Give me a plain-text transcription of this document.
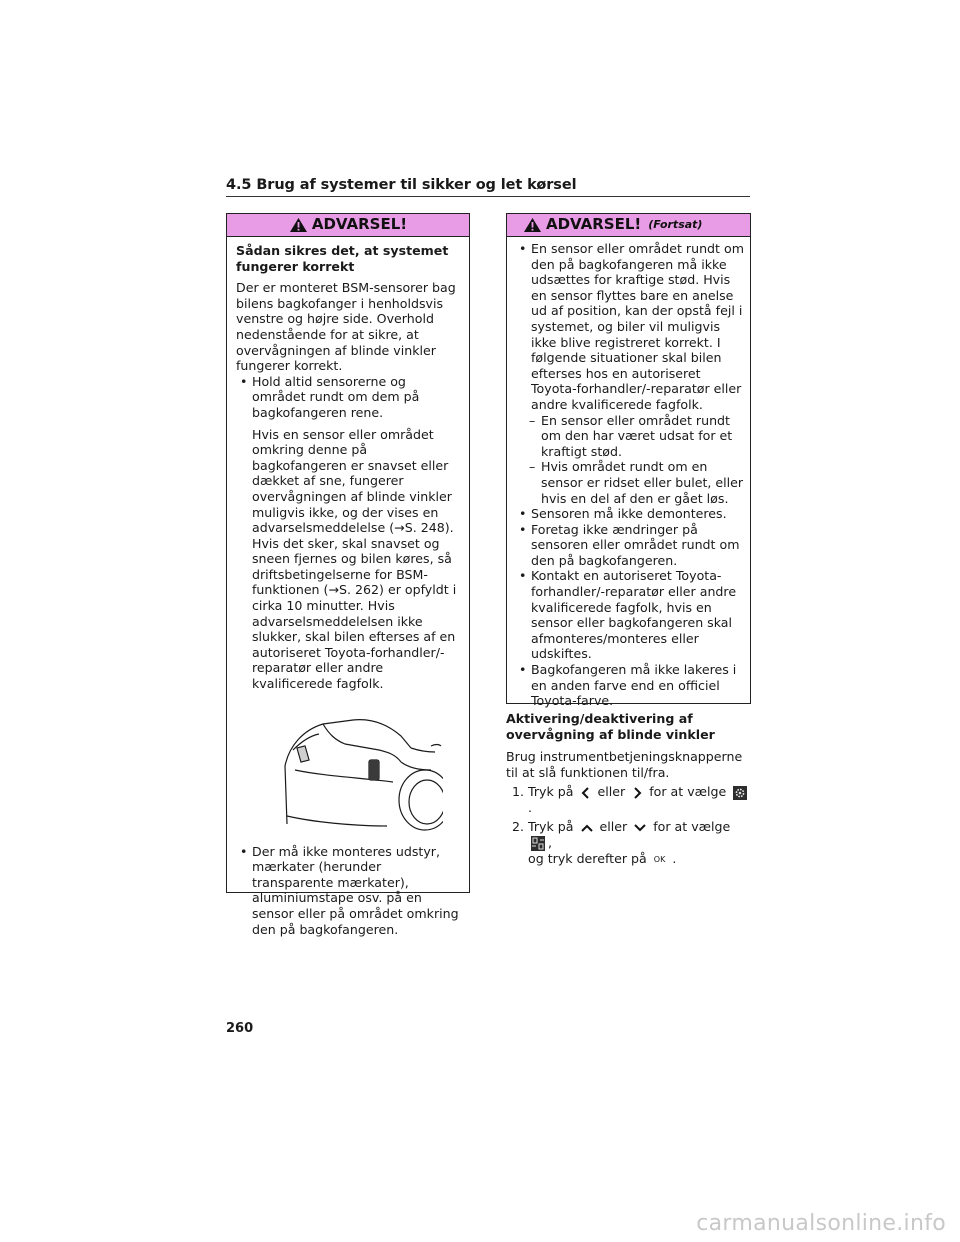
4.5 Brug af systemer til sikker og let kørsel
ADVARSEL!

Sådan sikres det, at systemet
fungerer korrekt

Der er monteret BSM-sensorer bag bilens bagkofanger i henholdsvis venstre og højre side. Overhold nedenstående for at sikre, at overvågningen af blinde vinkler fungerer korrekt.

• Hold altid sensorerne og området rundt om dem på bagkofangeren rene.

Hvis en sensor eller området omkring denne på bagkofangeren er snavset eller dækket af sne, fungerer overvågningen af blinde vinkler muligvis ikke, og der vises en advarselsmeddelelse (→S. 248). Hvis det sker, skal snavset og sneen fjernes og bilen køres, så driftsbetingelserne for BSM-funktionen (→S. 262) er opfyldt i cirka 10 minutter. Hvis advarselsmeddelelsen ikke slukker, skal bilen efterses af en autoriseret Toyota-forhandler/-reparatør eller andre kvalificerede fagfolk.

• Der må ikke monteres udstyr, mærkater (herunder transparente mærkater), aluminiumstape osv. på en sensor eller på området omkring den på bagkofangeren.

ADVARSEL! (Fortsat)

• En sensor eller området rundt om den på bagkofangeren må ikke udsættes for kraftige stød. Hvis en sensor flyttes bare en anelse ud af position, kan der opstå fejl i systemet, og biler vil muligvis ikke blive registreret korrekt. I følgende situationer skal bilen efterses hos en autoriseret Toyota-forhandler/-reparatør eller andre kvalificerede fagfolk.

– En sensor eller området rundt om den har været udsat for et kraftigt stød.

– Hvis området rundt om en sensor er ridset eller bulet, eller hvis en del af den er gået løs.

• Sensoren må ikke demonteres.

• Foretag ikke ændringer på sensoren eller området rundt om den på bagkofangeren.

• Kontakt en autoriseret Toyota-forhandler/-reparatør eller andre kvalificerede fagfolk, hvis en sensor eller bagkofangeren skal afmonteres/monteres eller udskiftes.

• Bagkofangeren må ikke lakeres i en anden farve end en officiel Toyota-farve.

Aktivering/deaktivering af overvågning af blinde vinkler

Brug instrumentbetjeningsknapperne til at slå funktionen til/fra.

1. Tryk på eller for at vælge .
2. Tryk på eller for at vælge ,
og tryk derefter på OK .
260
carmanualsonline.info
